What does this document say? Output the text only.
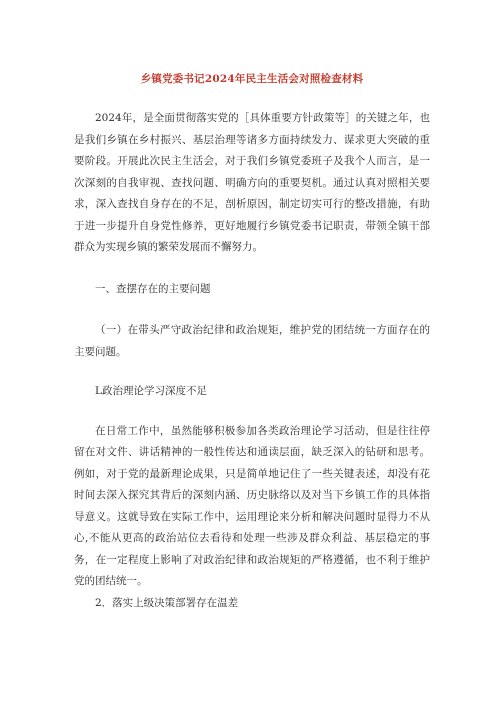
乡镇党委书记2024年民主生活会对照检查材料

2024年，是全面贯彻落实党的［具体重要方针政策等］的关键之年，也是我们乡镇在乡村振兴、基层治理等诸多方面持续发力、谋求更大突破的重要阶段。开展此次民主生活会，对于我们乡镇党委班子及我个人而言，是一次深刻的自我审视、查找问题、明确方向的重要契机。通过认真对照相关要求，深入查找自身存在的不足，剖析原因，制定切实可行的整改措施，有助于进一步提升自身党性修养，更好地履行乡镇党委书记职责，带领全镇干部群众为实现乡镇的繁荣发展而不懈努力。

一、查摆存在的主要问题

（一）在带头严守政治纪律和政治规矩，维护党的团结统一方面存在的主要问题。

L政治理论学习深度不足

在日常工作中，虽然能够积极参加各类政治理论学习活动，但是往往停留在对文件、讲话精神的一般性传达和通读层面，缺乏深入的钻研和思考。例如，对于党的最新理论成果，只是简单地记住了一些关键表述，却没有花时间去深入探究其背后的深刻内涵、历史脉络以及对当下乡镇工作的具体指导意义。这就导致在实际工作中，运用理论来分析和解决问题时显得力不从心,不能从更高的政治站位去看待和处理一些涉及群众利益、基层稳定的事务，在一定程度上影响了对政治纪律和政治规矩的严格遵循，也不利于维护党的团结统一。

2．落实上级决策部署存在温差
